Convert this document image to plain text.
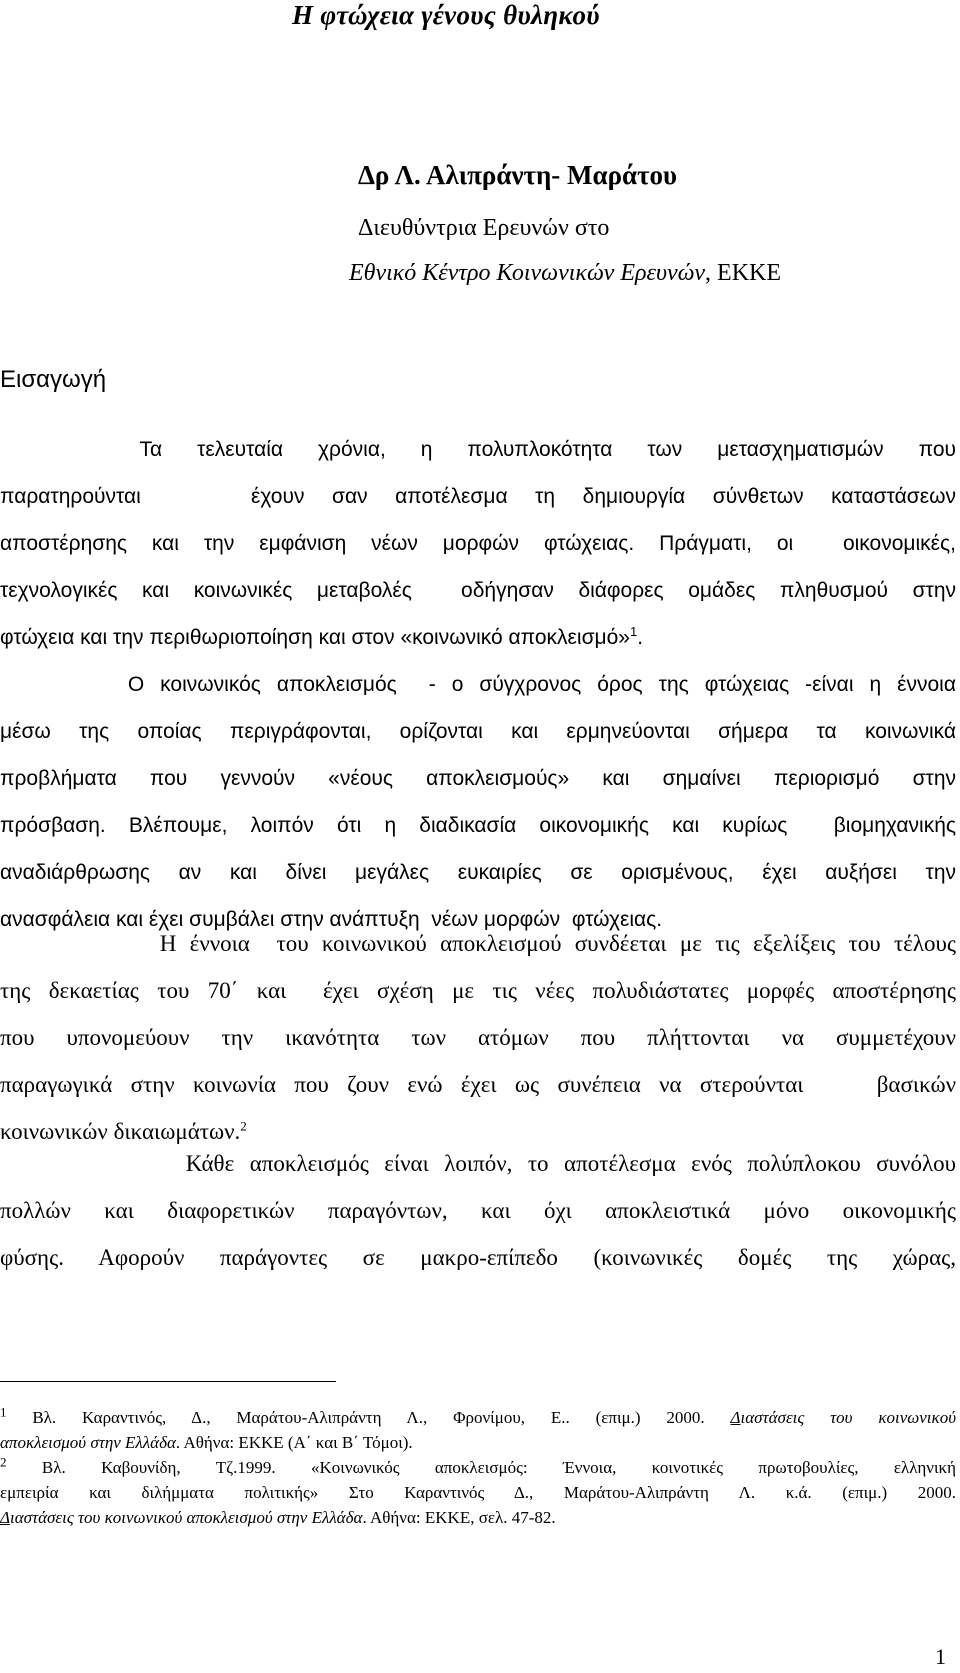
Η φτώχεια γένους θυληκού
Δρ Λ. Αλιπράντη- Μαράτου
Διευθύντρια Ερευνών στο
Εθνικό Κέντρο Κοινωνικών Ερευνών, ΕΚΚΕ
Εισαγωγή
Τα  τελευταία  χρόνια,  η  πολυπλοκότητα  των  μετασχηματισμών  που
παρατηρούνται    έχουν σαν αποτέλεσμα τη δημιουργία σύνθετων καταστάσεων
αποστέρησης και την εμφάνιση νέων μορφών φτώχειας. Πράγματι, οι  οικονομικές,
τεχνολογικές και κοινωνικές μεταβολές  οδήγησαν διάφορες ομάδες πληθυσμού στην
φτώχεια και την περιθωριοποίηση και στον «κοινωνικό αποκλεισμό»$^1$.
Ο κοινωνικός αποκλεισμός  - ο σύγχρονος όρος της φτώχειας -είναι η έννοια
μέσω της οποίας περιγράφονται, ορίζονται και ερμηνεύονται σήμερα τα κοινωνικά
προβλήματα  που  γεννούν  «νέους  αποκλεισμούς»  και  σημαίνει  περιορισμό  στην
πρόσβαση. Βλέπουμε, λοιπόν ότι η διαδικασία οικονομικής και κυρίως  βιομηχανικής
αναδιάρθρωσης  αν  και  δίνει  μεγάλες  ευκαιρίες  σε  ορισμένους,  έχει  αυξήσει  την
ανασφάλεια και έχει συμβάλει στην ανάπτυξη  νέων μορφών  φτώχειας.
Η έννοια  του κοινωνικού αποκλεισμού συνδέεται με τις εξελίξεις του τέλους
της δεκαετίας του 70΄ και  έχει σχέση με τις νέες πολυδιάστατες μορφές αποστέρησης
που  υπονομεύουν  την  ικανότητα  των  ατόμων  που  πλήττονται  να  συμμετέχουν
παραγωγικά στην κοινωνία που ζουν ενώ έχει ως συνέπεια να στερούνται    βασικών
κοινωνικών δικαιωμάτων.$^2$
Κάθε αποκλεισμός είναι λοιπόν, το αποτέλεσμα ενός πολύπλοκου συνόλου
πολλών  και  διαφορετικών  παραγόντων,  και  όχι  αποκλειστικά  μόνο  οικονομικής
φύσης.  Αφορούν  παράγοντες  σε  μακρο-επίπεδο  (κοινωνικές  δομές  της  χώρας,
$^1$ Βλ. Καραντινός, Δ., Μαράτου-Αλιπράντη Λ., Φρονίμου, Ε.. (επιμ.) 2000. Διαστάσεις του κοινωνικού
αποκλεισμού στην Ελλάδα. Αθήνα: ΕΚΚΕ (Α΄ και Β΄ Τόμοι).
$^2$ Βλ. Καβουνίδη, Τζ.1999. «Κοινωνικός αποκλεισμός: Έννοια, κοινοτικές πρωτοβουλίες, ελληνική
εμπειρία και διλήμματα πολιτικής» Στο Καραντινός Δ., Μαράτου-Αλιπράντη Λ. κ.ά. (επιμ.) 2000.
Διαστάσεις του κοινωνικού αποκλεισμού στην Ελλάδα. Αθήνα: ΕΚΚΕ, σελ. 47-82.
1
